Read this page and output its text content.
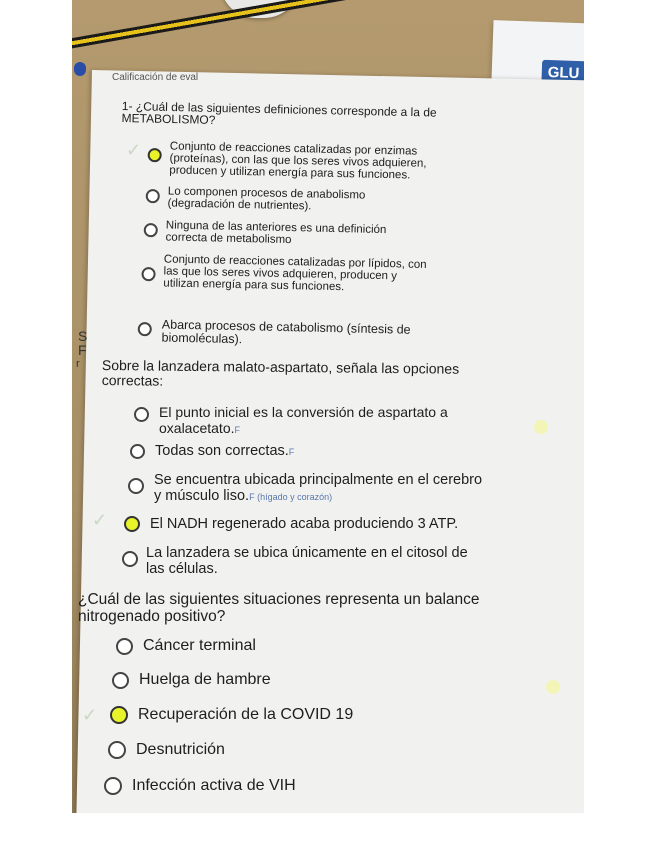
GLU
Calificación de eval
S
F
r
1- ¿Cuál de las siguientes definiciones corresponde a la de
METABOLISMO?
✓ Conjunto de reacciones catalizadas por enzimas
(proteínas), con las que los seres vivos adquieren,
producen y utilizan energía para sus funciones.
Lo componen procesos de anabolismo
(degradación de nutrientes).
Ninguna de las anteriores es una definición
correcta de metabolismo
Conjunto de reacciones catalizadas por lípidos, con
las que los seres vivos adquieren, producen y
utilizan energía para sus funciones.
Abarca procesos de catabolismo (síntesis de
biomoléculas).
Sobre la lanzadera malato-aspartato, señala las opciones
correctas:
El punto inicial es la conversión de aspartato a
oxalacetato.F
Todas son correctas.F
Se encuentra ubicada principalmente en el cerebro
y músculo liso.F (hígado y corazón)
✓	El NADH regenerado acaba produciendo 3 ATP.
La lanzadera se ubica únicamente en el citosol de
las células.
¿Cuál de las siguientes situaciones representa un balance
nitrogenado positivo?
Cáncer terminal
Huelga de hambre
✓	Recuperación de la COVID 19
Desnutrición
Infección activa de VIH
